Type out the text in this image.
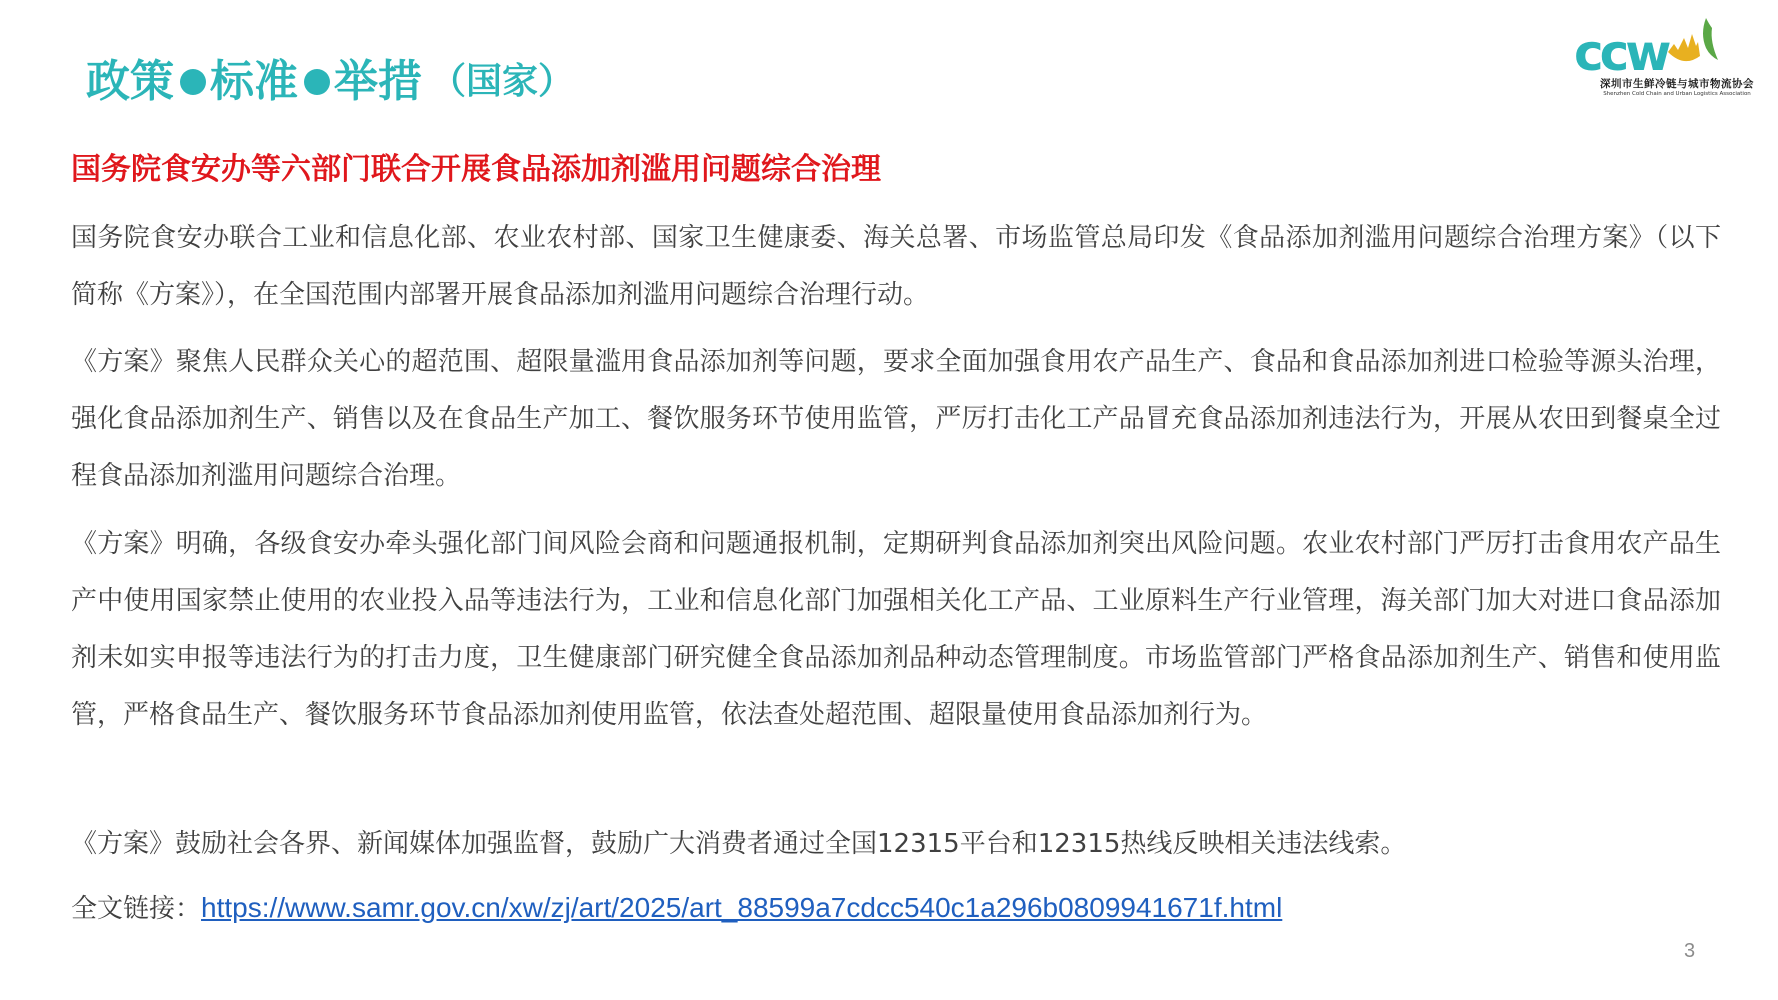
政策 标准 举措 （国家）	ccw
深圳市生鲜冷链与城市物流协会
Shenzhen Cold Chain and Urban Logistics Association
国务院食安办等六部门联合开展食品添加剂滥用问题综合治理

国务院食安办联合工业和信息化部、农业农村部、国家卫生健康委、海关总署、市场监管总局印发《食品添加剂滥用问题综合治理方案》（以下简称《方案》），在全国范围内部署开展食品添加剂滥用问题综合治理行动。

《方案》聚焦人民群众关心的超范围、超限量滥用食品添加剂等问题，要求全面加强食用农产品生产、食品和食品添加剂进口检验等源头治理，强化食品添加剂生产、销售以及在食品生产加工、餐饮服务环节使用监管，严厉打击化工产品冒充食品添加剂违法行为，开展从农田到餐桌全过程食品添加剂滥用问题综合治理。

《方案》明确，各级食安办牵头强化部门间风险会商和问题通报机制，定期研判食品添加剂突出风险问题。农业农村部门严厉打击食用农产品生产中使用国家禁止使用的农业投入品等违法行为，工业和信息化部门加强相关化工产品、工业原料生产行业管理，海关部门加大对进口食品添加剂未如实申报等违法行为的打击力度，卫生健康部门研究健全食品添加剂品种动态管理制度。市场监管部门严格食品添加剂生产、销售和使用监管，严格食品生产、餐饮服务环节食品添加剂使用监管，依法查处超范围、超限量使用食品添加剂行为。

《方案》鼓励社会各界、新闻媒体加强监督，鼓励广大消费者通过全国12315平台和12315热线反映相关违法线索。

全文链接：https://www.samr.gov.cn/xw/zj/art/2025/art_88599a7cdcc540c1a296b0809941671f.html
3
